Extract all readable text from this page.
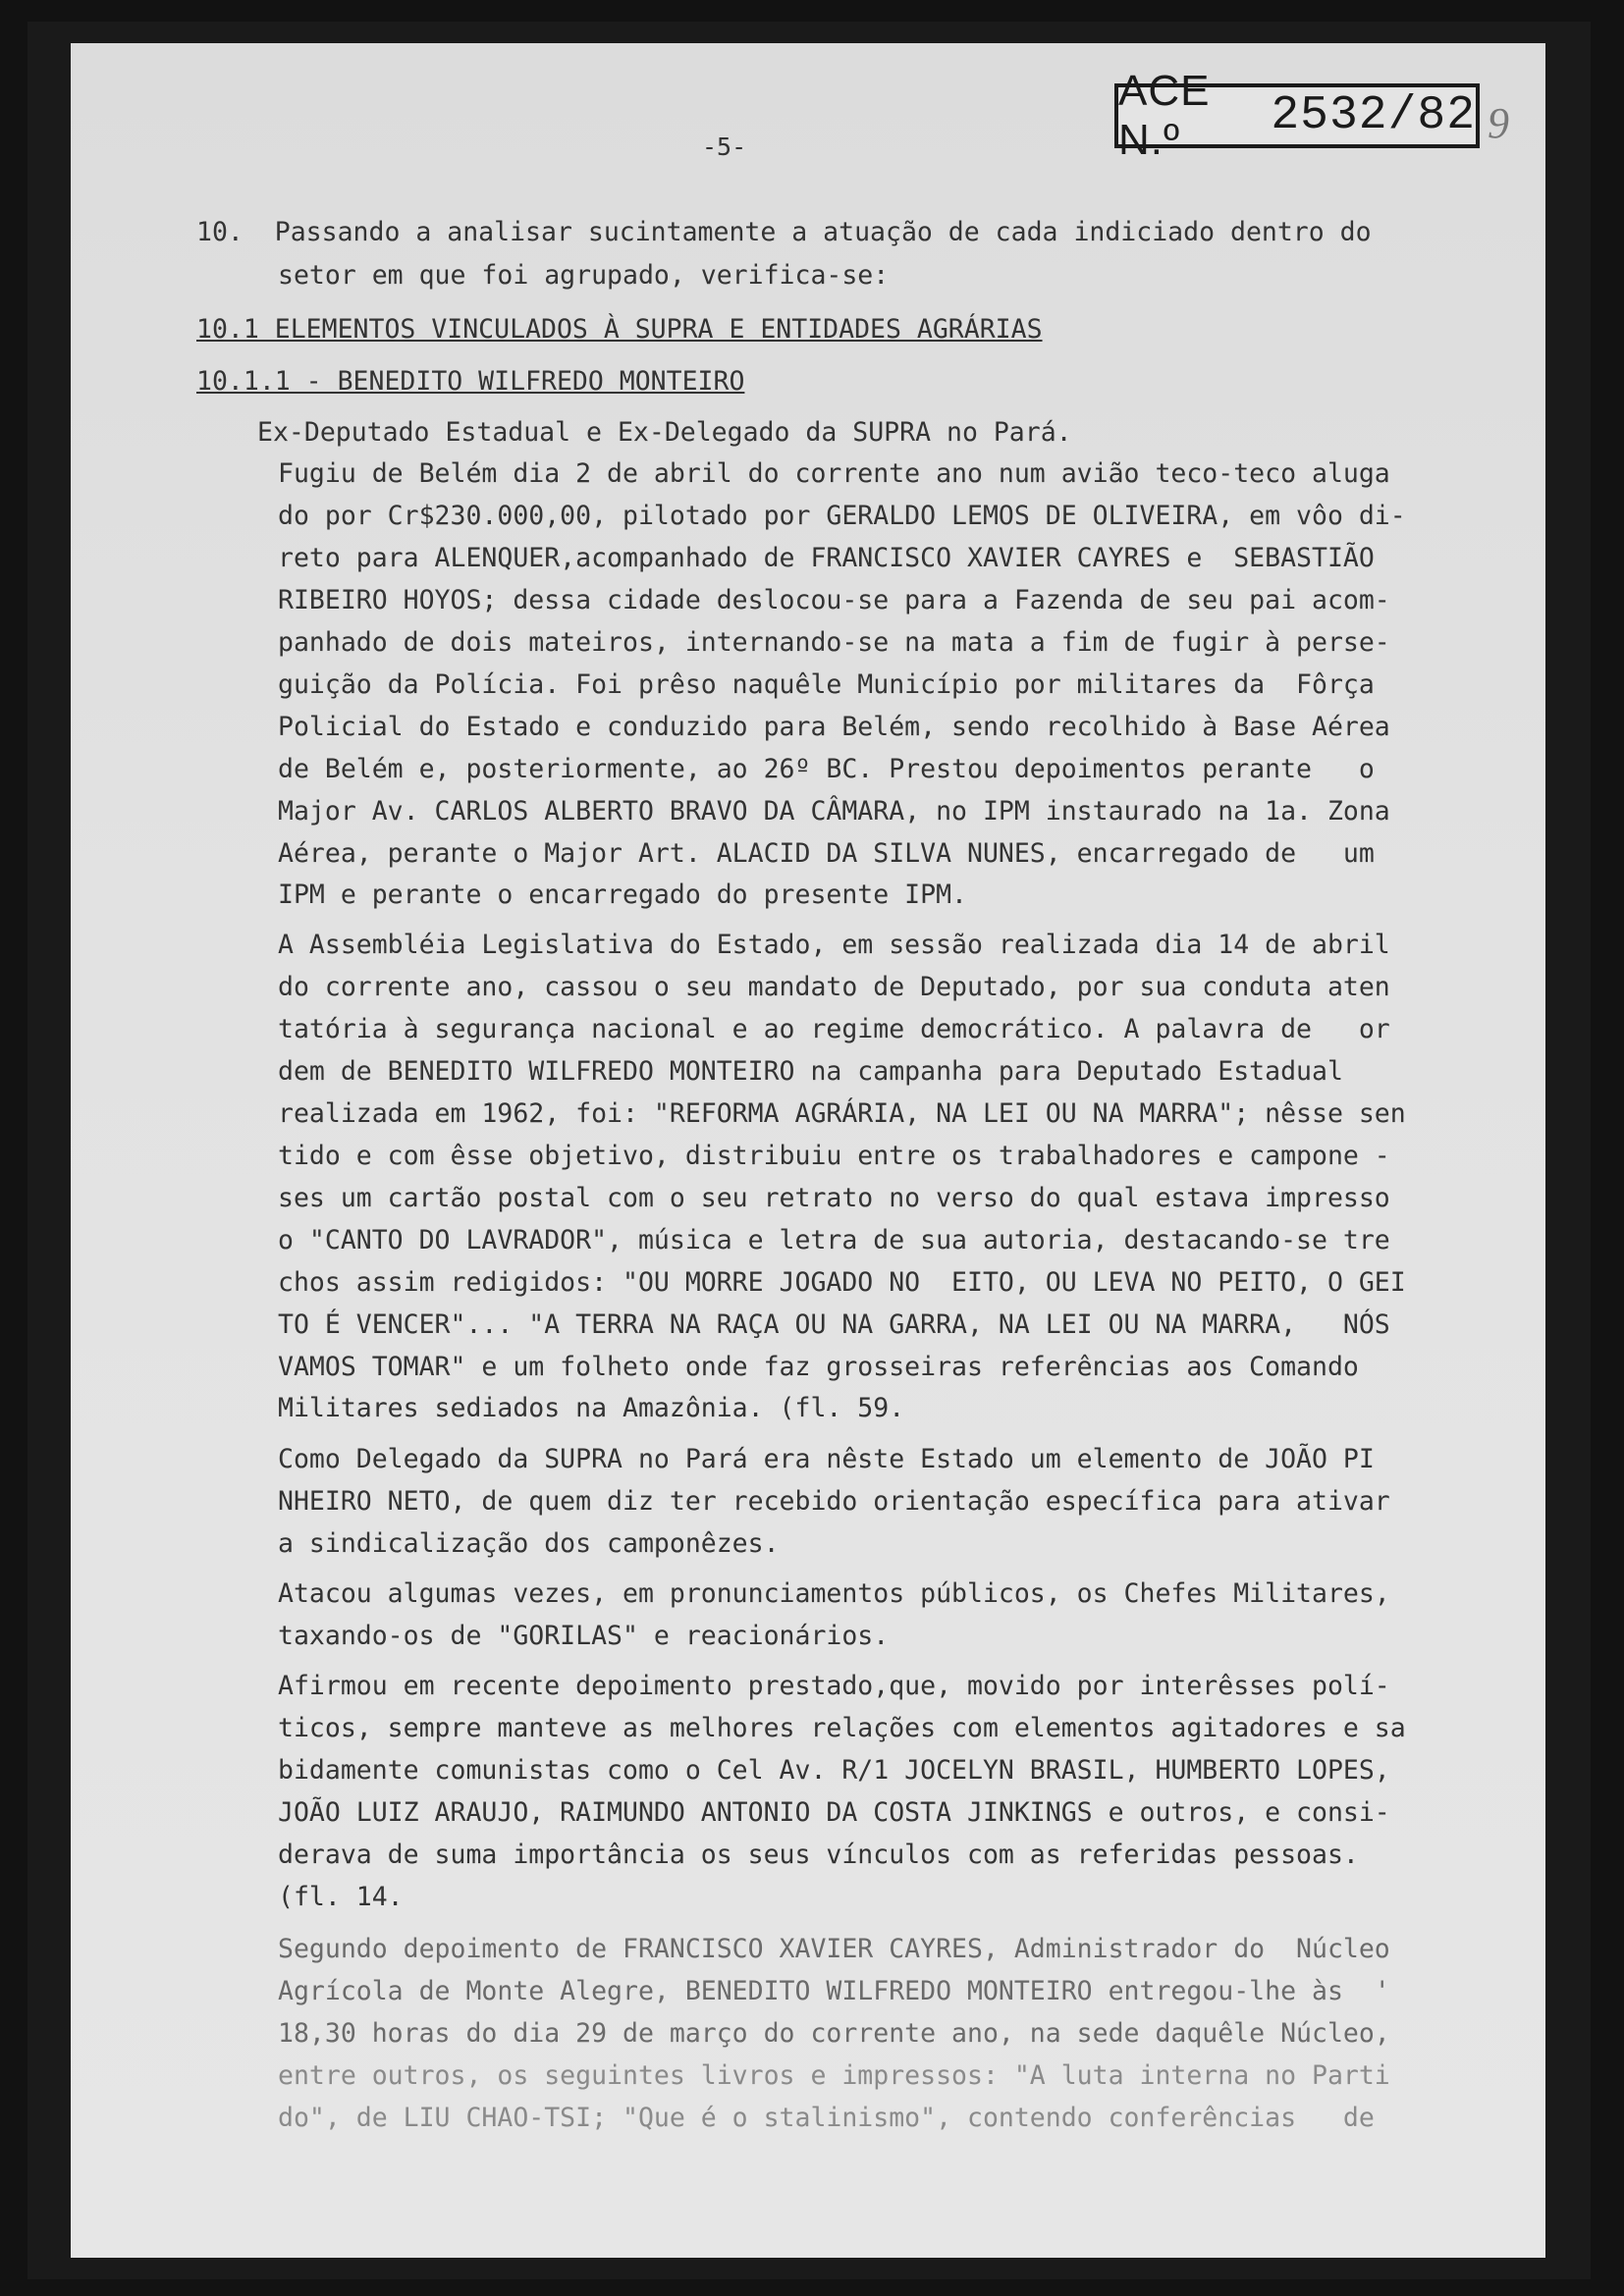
ACE N.º	2532/82 9
-5-
10.  Passando a analisar sucintamente a atuação de cada indiciado dentro do
setor em que foi agrupado, verifica-se:
10.1 ELEMENTOS VINCULADOS À SUPRA E ENTIDADES AGRÁRIAS
10.1.1 - BENEDITO WILFREDO MONTEIRO
Ex-Deputado Estadual e Ex-Delegado da SUPRA no Pará.
Fugiu de Belém dia 2 de abril do corrente ano num avião teco-teco aluga
do por Cr$230.000,00, pilotado por GERALDO LEMOS DE OLIVEIRA, em vôo di-
reto para ALENQUER,acompanhado de FRANCISCO XAVIER CAYRES e  SEBASTIÃO
RIBEIRO HOYOS; dessa cidade deslocou-se para a Fazenda de seu pai acom-
panhado de dois mateiros, internando-se na mata a fim de fugir à perse-
guição da Polícia. Foi prêso naquêle Município por militares da  Fôrça
Policial do Estado e conduzido para Belém, sendo recolhido à Base Aérea
de Belém e, posteriormente, ao 26º BC. Prestou depoimentos perante   o
Major Av. CARLOS ALBERTO BRAVO DA CÂMARA, no IPM instaurado na 1a. Zona
Aérea, perante o Major Art. ALACID DA SILVA NUNES, encarregado de   um
IPM e perante o encarregado do presente IPM.
A Assembléia Legislativa do Estado, em sessão realizada dia 14 de abril
do corrente ano, cassou o seu mandato de Deputado, por sua conduta aten
tatória à segurança nacional e ao regime democrático. A palavra de   or
dem de BENEDITO WILFREDO MONTEIRO na campanha para Deputado Estadual
realizada em 1962, foi: "REFORMA AGRÁRIA, NA LEI OU NA MARRA"; nêsse sen
tido e com êsse objetivo, distribuiu entre os trabalhadores e campone -
ses um cartão postal com o seu retrato no verso do qual estava impresso
o "CANTO DO LAVRADOR", música e letra de sua autoria, destacando-se tre
chos assim redigidos: "OU MORRE JOGADO NO  EITO, OU LEVA NO PEITO, O GEI
TO É VENCER"... "A TERRA NA RAÇA OU NA GARRA, NA LEI OU NA MARRA,   NÓS
VAMOS TOMAR" e um folheto onde faz grosseiras referências aos Comando
Militares sediados na Amazônia. (fl. 59.
Como Delegado da SUPRA no Pará era nêste Estado um elemento de JOÃO PI
NHEIRO NETO, de quem diz ter recebido orientação específica para ativar
a sindicalização dos camponêzes.
Atacou algumas vezes, em pronunciamentos públicos, os Chefes Militares,
taxando-os de "GORILAS" e reacionários.
Afirmou em recente depoimento prestado,que, movido por interêsses polí-
ticos, sempre manteve as melhores relações com elementos agitadores e sa
bidamente comunistas como o Cel Av. R/1 JOCELYN BRASIL, HUMBERTO LOPES,
JOÃO LUIZ ARAUJO, RAIMUNDO ANTONIO DA COSTA JINKINGS e outros, e consi-
derava de suma importância os seus vínculos com as referidas pessoas.
(fl. 14.
Segundo depoimento de FRANCISCO XAVIER CAYRES, Administrador do  Núcleo
Agrícola de Monte Alegre, BENEDITO WILFREDO MONTEIRO entregou-lhe às  '
18,30 horas do dia 29 de março do corrente ano, na sede daquêle Núcleo,
entre outros, os seguintes livros e impressos: "A luta interna no Parti
do", de LIU CHAO-TSI; "Que é o stalinismo", contendo conferências   de
